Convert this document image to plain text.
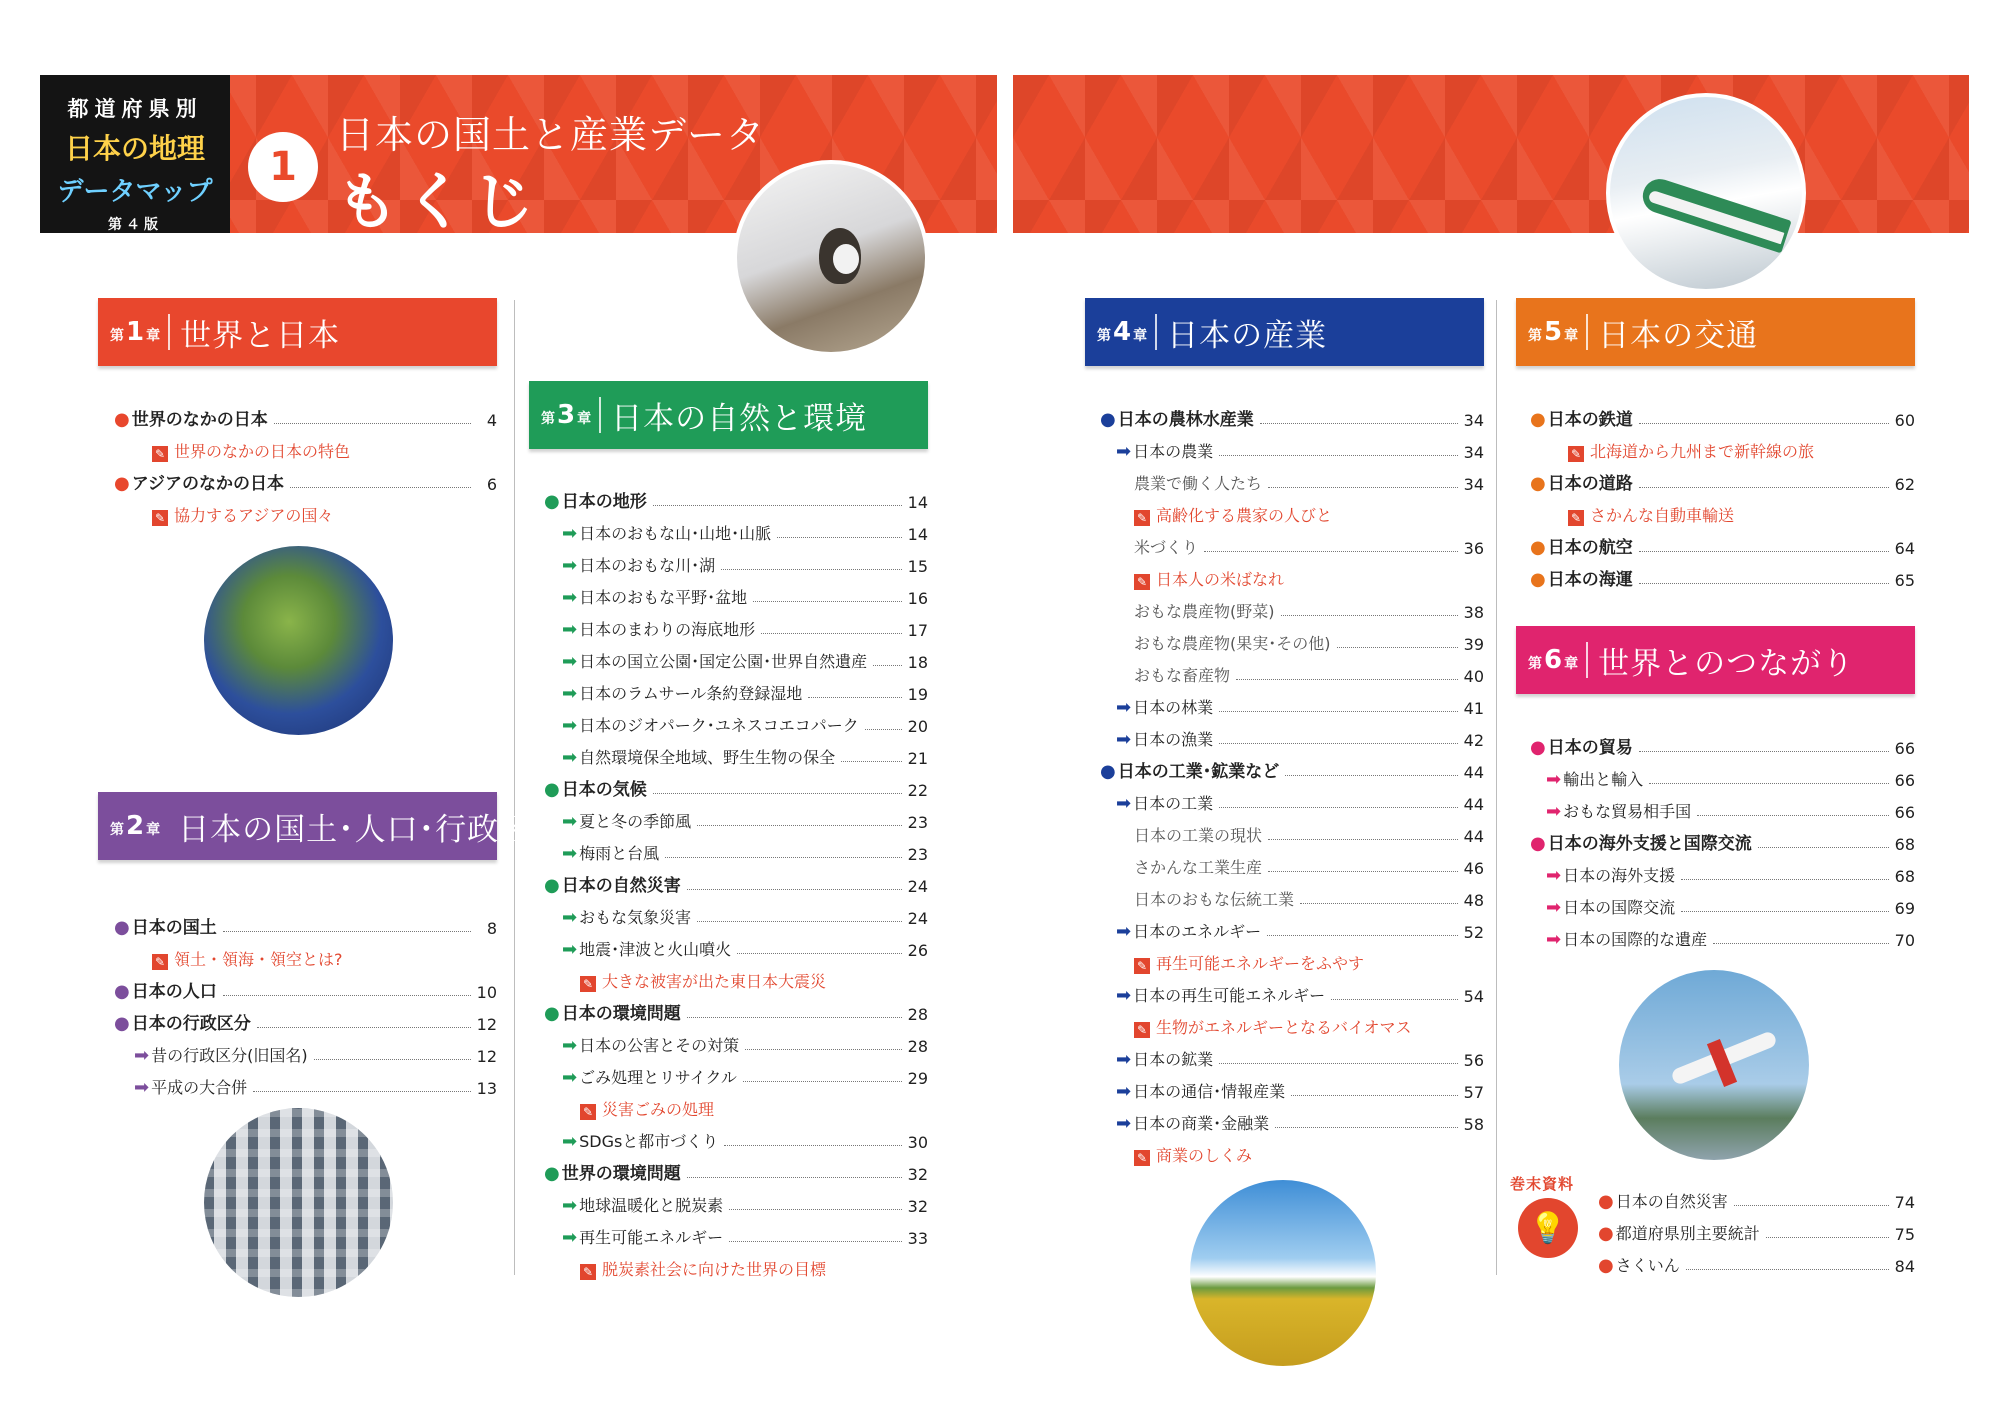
都道府県別
日本の地理
データマップ
第４版
1
日本の国土と産業データ
もくじ
第1 章 世界と日本
第2 章 日本の国土･人口･行政区分
第3 章 日本の自然と環境
第4 章 日本の産業	第5 章 日本の交通
第6 章 世界とのつながり
巻末資料
💡
● 世界のなかの日本	4
✎ 世界のなかの日本の特色
● アジアのなかの日本	6
✎ 協力するアジアの国々
● 日本の国土	8
✎ 領土・領海・領空とは?
● 日本の人口	10
● 日本の行政区分	12
➡ 昔の行政区分(旧国名)	12
➡ 平成の大合併	13
● 日本の地形	14
➡ 日本のおもな山･山地･山脈	14
➡ 日本のおもな川･湖	15
➡ 日本のおもな平野･盆地	16
➡ 日本のまわりの海底地形	17
➡ 日本の国立公園･国定公園･世界自然遺産	18
➡ 日本のラムサール条約登録湿地	19
➡ 日本のジオパーク･ユネスコエコパーク	20
➡ 自然環境保全地域、野生生物の保全	21
● 日本の気候	22
➡ 夏と冬の季節風	23
➡ 梅雨と台風	23
● 日本の自然災害	24
➡ おもな気象災害	24
➡ 地震･津波と火山噴火	26
✎ 大きな被害が出た東日本大震災
● 日本の環境問題	28
➡ 日本の公害とその対策	28
➡ ごみ処理とリサイクル	29
✎ 災害ごみの処理
➡ SDGsと都市づくり	30
● 世界の環境問題	32
➡ 地球温暖化と脱炭素	32
➡ 再生可能エネルギー	33
✎ 脱炭素社会に向けた世界の目標
● 日本の農林水産業	34
➡ 日本の農業	34
農業で働く人たち	34
✎ 高齢化する農家の人びと
米づくり	36
✎ 日本人の米ばなれ
おもな農産物(野菜)	38
おもな農産物(果実･その他)	39
おもな畜産物	40
➡ 日本の林業	41
➡ 日本の漁業	42
● 日本の工業･鉱業など	44
➡ 日本の工業	44
日本の工業の現状	44
さかんな工業生産	46
日本のおもな伝統工業	48
➡ 日本のエネルギー	52
✎ 再生可能エネルギーをふやす
➡ 日本の再生可能エネルギー	54
✎ 生物がエネルギーとなるバイオマス
➡ 日本の鉱業	56
➡ 日本の通信･情報産業	57
➡ 日本の商業･金融業	58
✎ 商業のしくみ
● 日本の鉄道	60
✎ 北海道から九州まで新幹線の旅
● 日本の道路	62
✎ さかんな自動車輸送
● 日本の航空	64
● 日本の海運	65
● 日本の貿易	66
➡ 輸出と輸入	66
➡ おもな貿易相手国	66
● 日本の海外支援と国際交流	68
➡ 日本の海外支援	68
➡ 日本の国際交流	69
➡ 日本の国際的な遺産	70
● 日本の自然災害	74
● 都道府県別主要統計	75
● さくいん	84
